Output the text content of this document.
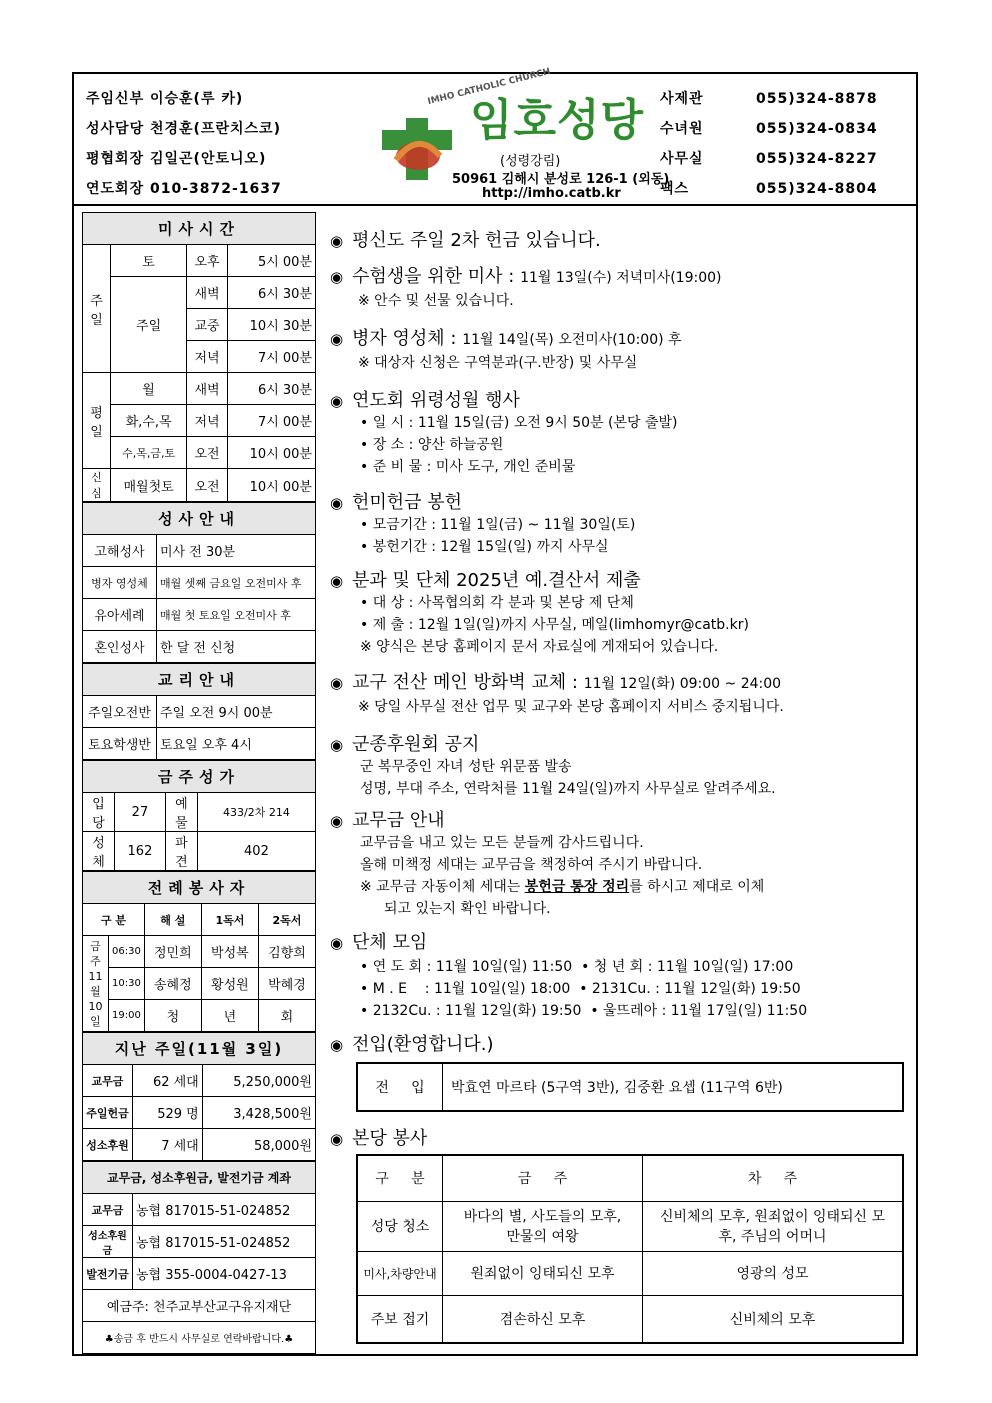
주임신부 이승훈(루 카)
성사담당 천경훈(프란치스코)
평협회장 김일곤(안토니오)
연도회장 010-3872-1637
IMHO CATHOLIC CHURCH
임호성당
(성령강림)
50961 김해시 분성로 126-1 (외동)
http://imho.catb.kr
사제관	055)324-8878
수녀원	055)324-0834
사무실	055)324-8227
팩스	055)324-8804
미사시간			
주일	토	오후	5시 00분
	주일	새벽	6시 30분
		교중	10시 30분
		저녁	7시 00분
평일	월	새벽	6시 30분
	화,수,목	저녁	7시 00분
	수,목,금,토	오전	10시 00분
신심	매월첫토	오전	10시 00분
성사안내	
고해성사	미사 전 30분
병자 영성체	매월 셋째 금요일 오전미사 후
유아세례	매월 첫 토요일 오전미사 후
혼인성사	한 달 전 신청
교리안내	
주일오전반	주일 오전 9시 00분
토요학생반	토요일 오후 4시
금주성가			
입당	27	예물	433/2차 214
성체	162	파견	402
전례봉사자				
구 분		해 설	1독서	2독서
금주 11월 10일	06:30	정민희	박성복	김향희
	10:30	송혜정	황성원	박혜경
	19:00	청	년	회
지난 주일(11월 3일)		
교무금	62 세대	5,250,000원
주일헌금	529 명	3,428,500원
성소후원	7 세대	58,000원
교무금, 성소후원금, 발전기금 계좌	
교무금	농협 817015-51-024852
성소후원금	농협 817015-51-024852
발전기금	농협 355-0004-0427-13
예금주: 천주교부산교구유지재단	
♣송금 후 반드시 사무실로 연락바랍니다.♣	
◉ 평신도 주일 2차 헌금 있습니다.
◉ 수험생을 위한 미사 : 11월 13일(수) 저녁미사(19:00)
※ 안수 및 선물 있습니다.
◉ 병자 영성체 : 11월 14일(목) 오전미사(10:00) 후
※ 대상자 신청은 구역분과(구.반장) 및 사무실
◉ 연도회 위령성월 행사
• 일 시 : 11월 15일(금) 오전 9시 50분 (본당 출발)
• 장 소 : 양산 하늘공원
• 준 비 물 : 미사 도구, 개인 준비물
◉ 헌미헌금 봉헌
• 모금기간 : 11월 1일(금) ~ 11월 30일(토)
• 봉헌기간 : 12월 15일(일) 까지 사무실
◉ 분과 및 단체 2025년 예.결산서 제출
• 대 상 : 사목협의회 각 분과 및 본당 제 단체
• 제 출 : 12월 1일(일)까지 사무실, 메일(limhomyr@catb.kr)
※ 양식은 본당 홈페이지 문서 자료실에 게재되어 있습니다.
◉ 교구 전산 메인 방화벽 교체 : 11월 12일(화) 09:00 ~ 24:00
※ 당일 사무실 전산 업무 및 교구와 본당 홈페이지 서비스 중지됩니다.
◉ 군종후원회 공지
군 복무중인 자녀 성탄 위문품 발송
성명, 부대 주소, 연락처를 11월 24일(일)까지 사무실로 알려주세요.
◉ 교무금 안내
교무금을 내고 있는 모든 분들께 감사드립니다.
올해 미책정 세대는 교무금을 책정하여 주시기 바랍니다.
※ 교무금 자동이체 세대는 봉헌금 통장 정리를 하시고 제대로 이체
되고 있는지 확인 바랍니다.
◉ 단체 모임
• 연 도 회 : 11월 10일(일) 11:50  • 청 년 회 : 11월 10일(일) 17:00
• M . E    : 11월 10일(일) 18:00  • 2131Cu. : 11월 12일(화) 19:50
• 2132Cu. : 11월 12일(화) 19:50  • 울뜨레아 : 11월 17일(일) 11:50
◉ 전입(환영합니다.)
전     입	박효연 마르타 (5구역 3반), 김중환 요셉 (11구역 6반)
◉ 본당 봉사
구     분	금     주	차     주
성당 청소	바다의 별, 사도들의 모후, 만물의 여왕	신비체의 모후, 원죄없이 잉태되신 모후, 주님의 어머니
미사,차량안내	원죄없이 잉태되신 모후	영광의 성모
주보 접기	겸손하신 모후	신비체의 모후
